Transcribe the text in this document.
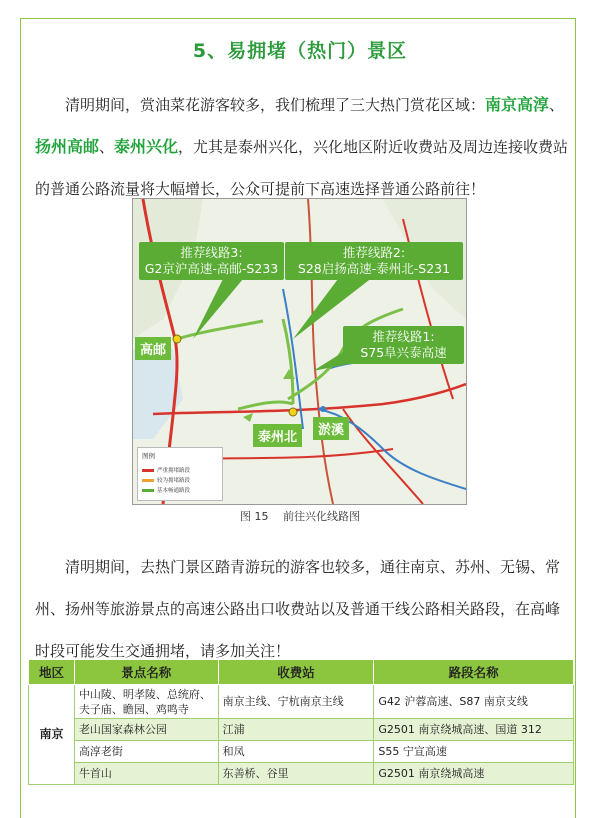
5、易拥堵（热门）景区
清明期间，赏油菜花游客较多，我们梳理了三大热门赏花区域：南京高淳、扬州高邮、泰州兴化，尤其是泰州兴化，兴化地区附近收费站及周边连接收费站的普通公路流量将大幅增长，公众可提前下高速选择普通公路前往！
推荐线路3:
G2京沪高速-高邮-S233
推荐线路2:
S28启扬高速-泰州北-S231
推荐线路1:
S75阜兴泰高速
高邮
泰州北	淤溪
图例
严重拥堵路段
较为拥堵路段
基本畅通路段
图 15　 前往兴化线路图
清明期间，去热门景区踏青游玩的游客也较多，通往南京、苏州、无锡、常州、扬州等旅游景点的高速公路出口收费站以及普通干线公路相关路段，在高峰时段可能发生交通拥堵，请多加关注！
地区	景点名称	收费站	路段名称
南京	中山陵、明孝陵、总统府、夫子庙、瞻园、鸡鸣寺	南京主线、宁杭南京主线	G42 沪蓉高速、S87 南京支线
	老山国家森林公园	江浦	G2501 南京绕城高速、国道 312
	高淳老街	和凤	S55 宁宣高速
	牛首山	东善桥、谷里	G2501 南京绕城高速
